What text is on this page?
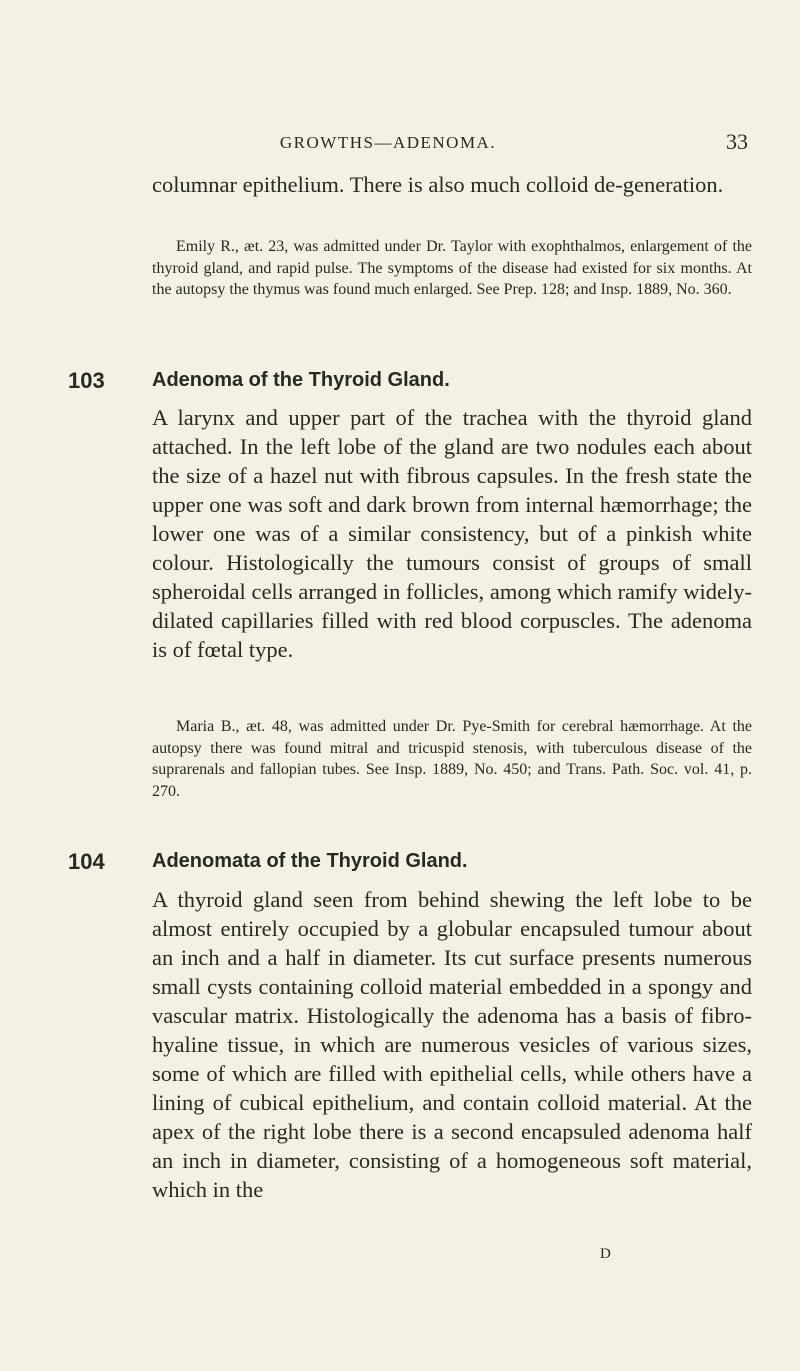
GROWTHS—ADENOMA.	33

columnar epithelium. There is also much colloid de-generation.

Emily R., æt. 23, was admitted under Dr. Taylor with exophthalmos, enlargement of the thyroid gland, and rapid pulse. The symptoms of the disease had existed for six months. At the autopsy the thymus was found much enlarged. See Prep. 128; and Insp. 1889, No. 360.

103 Adenoma of the Thyroid Gland.

A larynx and upper part of the trachea with the thyroid gland attached. In the left lobe of the gland are two nodules each about the size of a hazel nut with fibrous capsules. In the fresh state the upper one was soft and dark brown from internal hæmorrhage; the lower one was of a similar consistency, but of a pinkish white colour. Histologically the tumours consist of groups of small spheroidal cells arranged in follicles, among which ramify widely-dilated capillaries filled with red blood corpuscles. The adenoma is of fœtal type.

Maria B., æt. 48, was admitted under Dr. Pye-Smith for cerebral hæmorrhage. At the autopsy there was found mitral and tricuspid stenosis, with tuberculous disease of the suprarenals and fallopian tubes. See Insp. 1889, No. 450; and Trans. Path. Soc. vol. 41, p. 270.

104 Adenomata of the Thyroid Gland.

A thyroid gland seen from behind shewing the left lobe to be almost entirely occupied by a globular encapsuled tumour about an inch and a half in diameter. Its cut surface presents numerous small cysts containing colloid material embedded in a spongy and vascular matrix. Histologically the adenoma has a basis of fibro-hyaline tissue, in which are numerous vesicles of various sizes, some of which are filled with epithelial cells, while others have a lining of cubical epithelium, and contain colloid material. At the apex of the right lobe there is a second encapsuled adenoma half an inch in diameter, consisting of a homogeneous soft material, which in the

D
